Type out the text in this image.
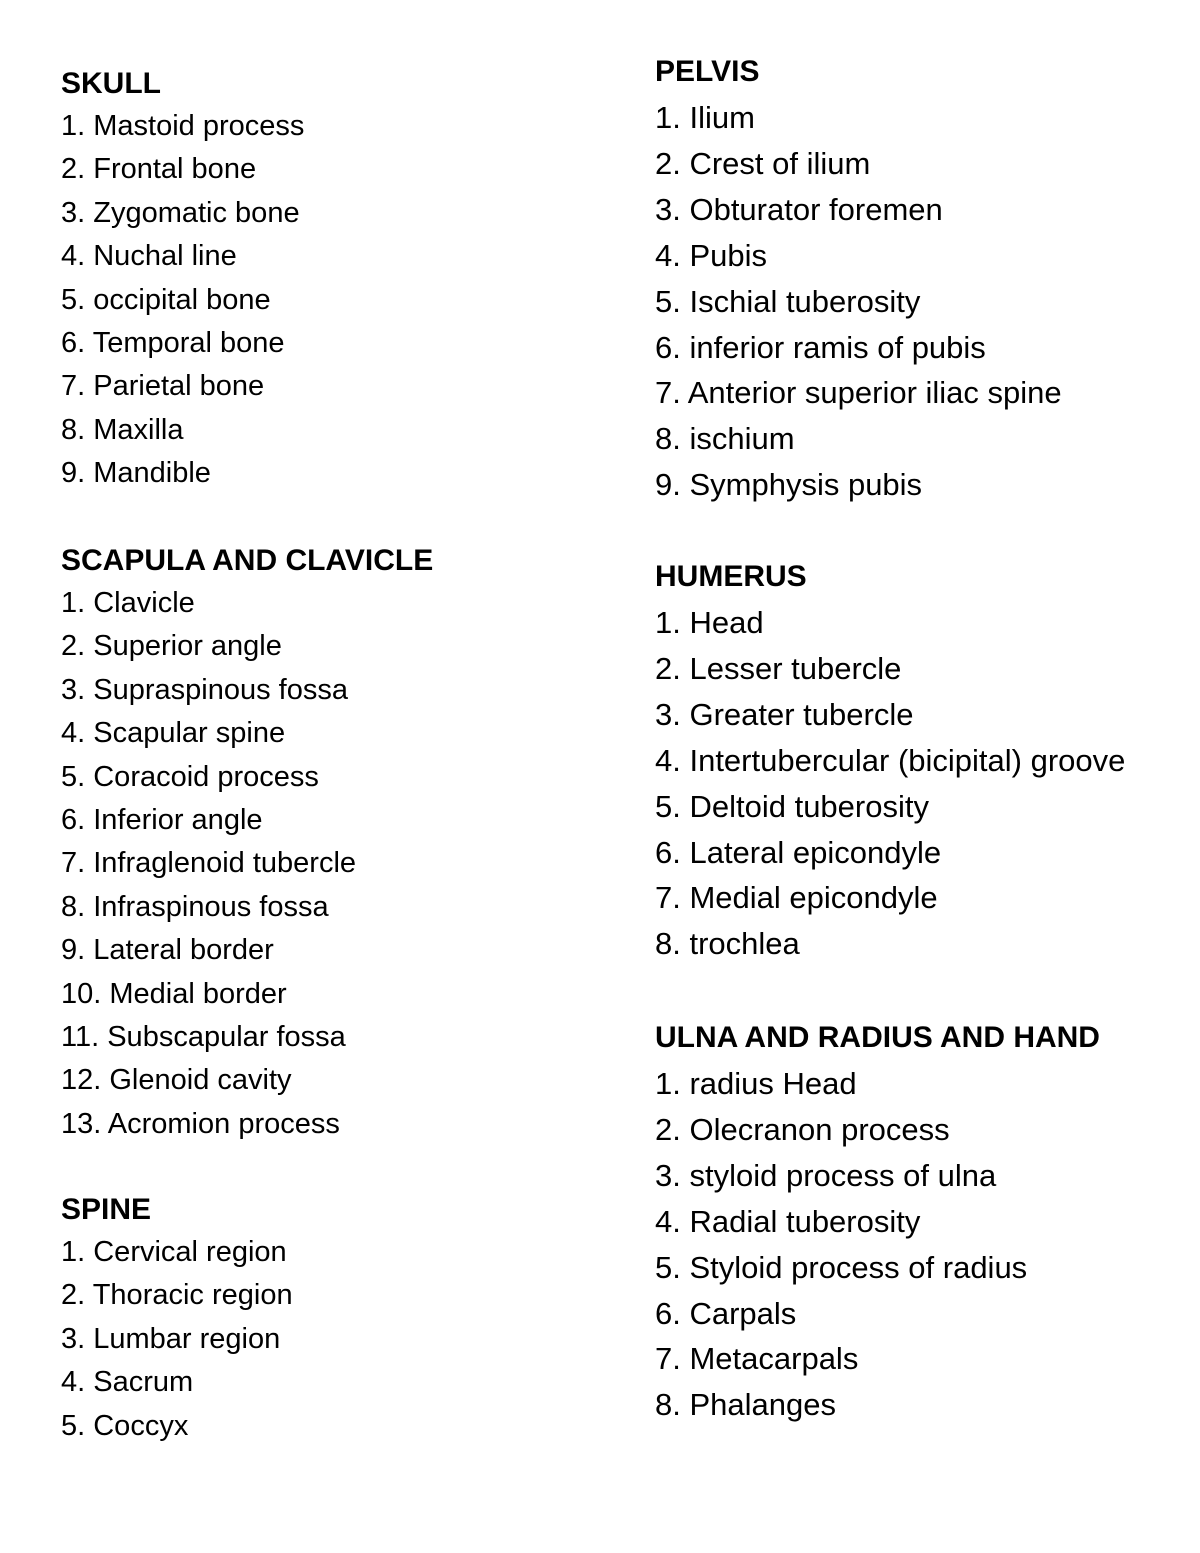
SKULL
1. Mastoid process
2. Frontal bone
3. Zygomatic bone
4. Nuchal line
5. occipital bone
6. Temporal bone
7. Parietal bone
8. Maxilla
9. Mandible
SCAPULA AND CLAVICLE
1. Clavicle
2. Superior angle
3. Supraspinous fossa
4. Scapular spine
5. Coracoid process
6. Inferior angle
7. Infraglenoid tubercle
8. Infraspinous fossa
9. Lateral border
10. Medial border
11. Subscapular fossa
12. Glenoid cavity
13. Acromion process
SPINE
1. Cervical region
2. Thoracic region
3. Lumbar region
4. Sacrum
5. Coccyx
PELVIS
1. Ilium
2. Crest of ilium
3. Obturator foremen
4. Pubis
5. Ischial tuberosity
6. inferior ramis of pubis
7. Anterior superior iliac spine
8. ischium
9. Symphysis pubis
HUMERUS
1. Head
2. Lesser tubercle
3. Greater tubercle
4. Intertubercular (bicipital) groove
5. Deltoid tuberosity
6. Lateral epicondyle
7. Medial epicondyle
8. trochlea
ULNA AND RADIUS AND HAND
1. radius Head
2. Olecranon process
3. styloid process of ulna
4. Radial tuberosity
5. Styloid process of radius
6. Carpals
7. Metacarpals
8. Phalanges
